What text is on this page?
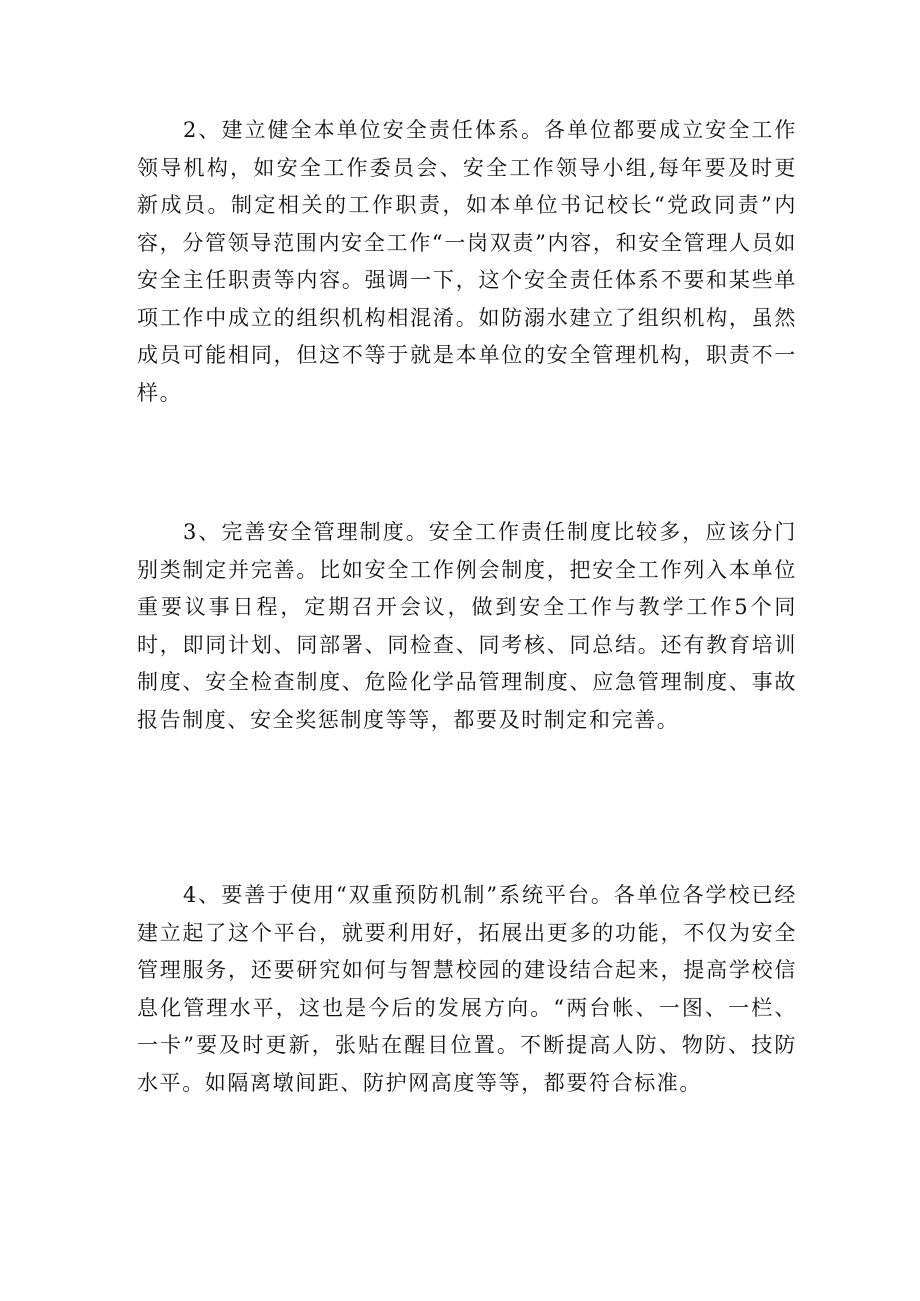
2、建立健全本单位安全责任体系。各单位都要成立安全工作领导机构，如安全工作委员会、安全工作领导小组,每年要及时更新成员。制定相关的工作职责，如本单位书记校长“党政同责”内容，分管领导范围内安全工作“一岗双责”内容，和安全管理人员如安全主任职责等内容。强调一下，这个安全责任体系不要和某些单项工作中成立的组织机构相混淆。如防溺水建立了组织机构，虽然成员可能相同，但这不等于就是本单位的安全管理机构，职责不一样。

3、完善安全管理制度。安全工作责任制度比较多，应该分门别类制定并完善。比如安全工作例会制度，把安全工作列入本单位重要议事日程，定期召开会议，做到安全工作与教学工作5个同时，即同计划、同部署、同检查、同考核、同总结。还有教育培训制度、安全检查制度、危险化学品管理制度、应急管理制度、事故报告制度、安全奖惩制度等等，都要及时制定和完善。

4、要善于使用“双重预防机制”系统平台。各单位各学校已经建立起了这个平台，就要利用好，拓展出更多的功能，不仅为安全管理服务，还要研究如何与智慧校园的建设结合起来，提高学校信息化管理水平，这也是今后的发展方向。“两台帐、一图、一栏、一卡”要及时更新，张贴在醒目位置。不断提高人防、物防、技防水平。如隔离墩间距、防护网高度等等，都要符合标准。
